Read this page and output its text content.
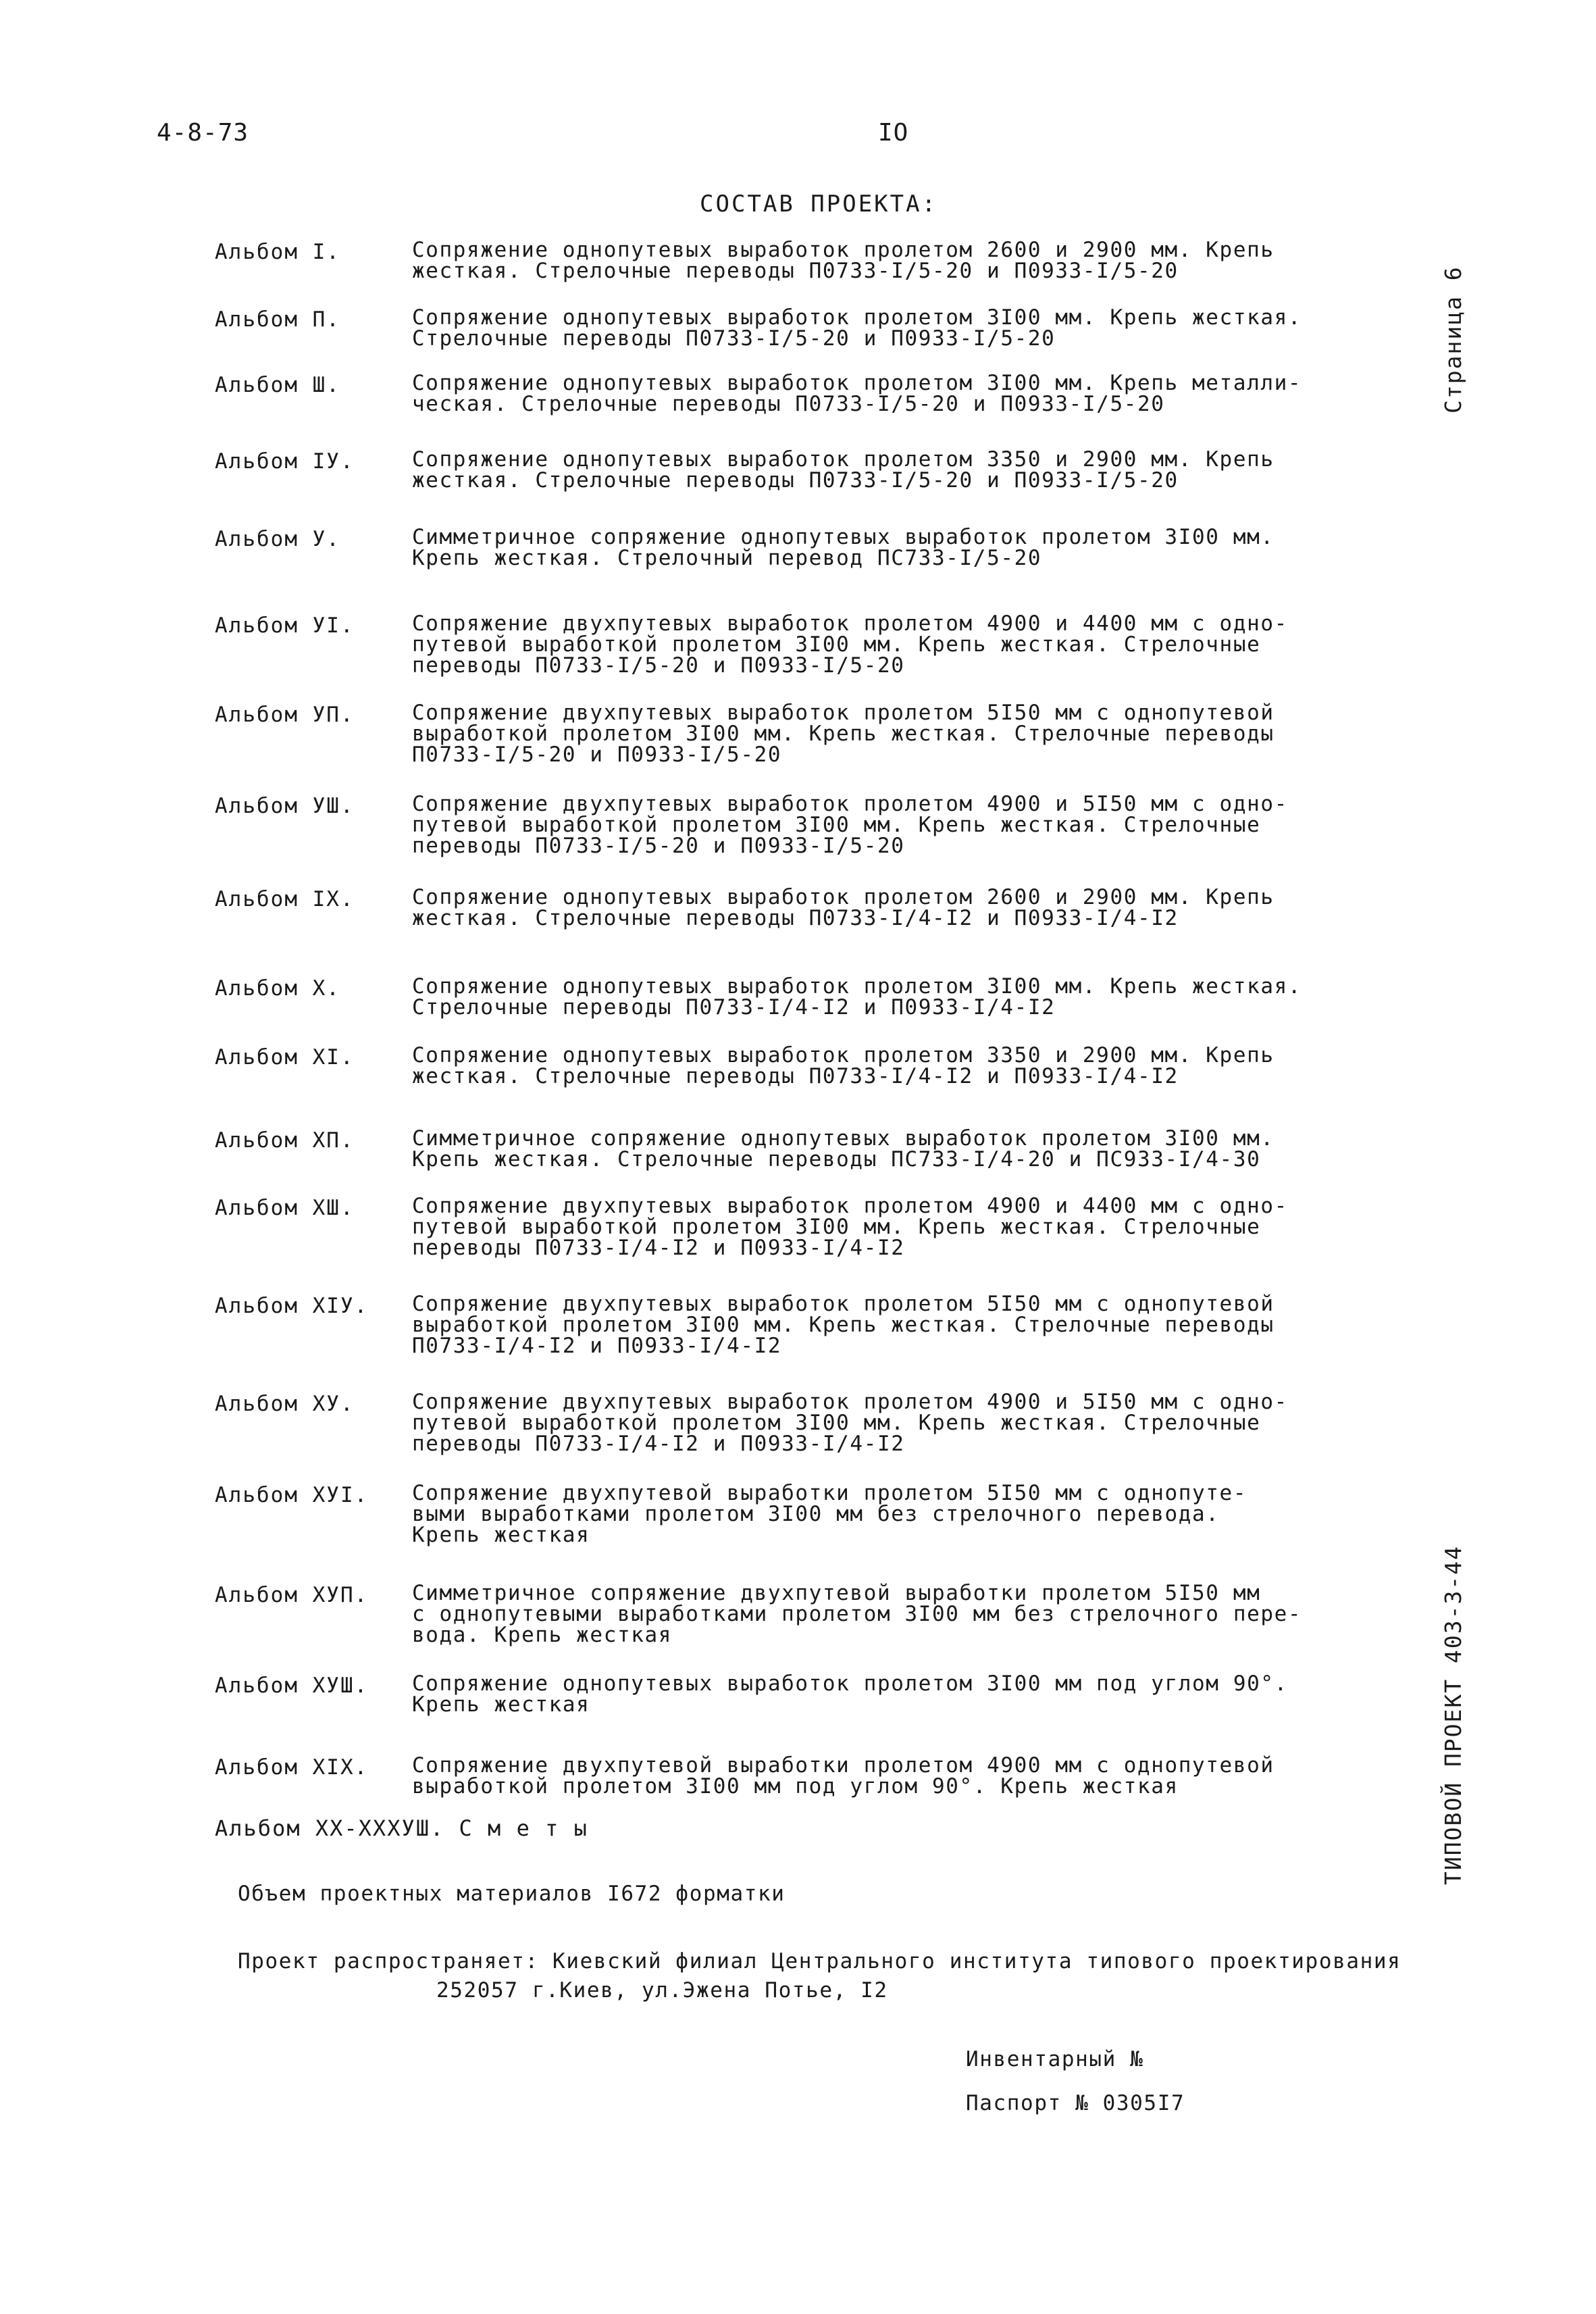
4-8-73	IO
СОСТАВ ПРОЕКТА:
Страница 6
ТИПОВОЙ ПРОЕКТ 403-3-44
Альбом I.	Сопряжение однопутевых выработок пролетом 2600 и 2900 мм. Крепь
жесткая. Стрелочные переводы П0733-I/5-20 и П0933-I/5-20
Альбом П.	Сопряжение однопутевых выработок пролетом 3I00 мм. Крепь жесткая.
Стрелочные переводы П0733-I/5-20 и П0933-I/5-20
Альбом Ш.	Сопряжение однопутевых выработок пролетом 3I00 мм. Крепь металли-
ческая. Стрелочные переводы П0733-I/5-20 и П0933-I/5-20
Альбом IУ.	Сопряжение однопутевых выработок пролетом 3350 и 2900 мм. Крепь
жесткая. Стрелочные переводы П0733-I/5-20 и П0933-I/5-20
Альбом У.	Симметричное сопряжение однопутевых выработок пролетом 3I00 мм.
Крепь жесткая. Стрелочный перевод ПС733-I/5-20
Альбом УI.	Сопряжение двухпутевых выработок пролетом 4900 и 4400 мм с одно-
путевой выработкой пролетом 3I00 мм. Крепь жесткая. Стрелочные
переводы П0733-I/5-20 и П0933-I/5-20
Альбом УП.	Сопряжение двухпутевых выработок пролетом 5I50 мм с однопутевой
выработкой пролетом 3I00 мм. Крепь жесткая. Стрелочные переводы
П0733-I/5-20 и П0933-I/5-20
Альбом УШ.	Сопряжение двухпутевых выработок пролетом 4900 и 5I50 мм с одно-
путевой выработкой пролетом 3I00 мм. Крепь жесткая. Стрелочные
переводы П0733-I/5-20 и П0933-I/5-20
Альбом IX.	Сопряжение однопутевых выработок пролетом 2600 и 2900 мм. Крепь
жесткая. Стрелочные переводы П0733-I/4-I2 и П0933-I/4-I2
Альбом X.	Сопряжение однопутевых выработок пролетом 3I00 мм. Крепь жесткая.
Стрелочные переводы П0733-I/4-I2 и П0933-I/4-I2
Альбом XI.	Сопряжение однопутевых выработок пролетом 3350 и 2900 мм. Крепь
жесткая. Стрелочные переводы П0733-I/4-I2 и П0933-I/4-I2
Альбом XП.	Симметричное сопряжение однопутевых выработок пролетом 3I00 мм.
Крепь жесткая. Стрелочные переводы ПС733-I/4-20 и ПС933-I/4-30
Альбом XШ.	Сопряжение двухпутевых выработок пролетом 4900 и 4400 мм с одно-
путевой выработкой пролетом 3I00 мм. Крепь жесткая. Стрелочные
переводы П0733-I/4-I2 и П0933-I/4-I2
Альбом XIУ. Сопряжение двухпутевых выработок пролетом 5I50 мм с однопутевой
выработкой пролетом 3I00 мм. Крепь жесткая. Стрелочные переводы
П0733-I/4-I2 и П0933-I/4-I2
Альбом XУ.	Сопряжение двухпутевых выработок пролетом 4900 и 5I50 мм с одно-
путевой выработкой пролетом 3I00 мм. Крепь жесткая. Стрелочные
переводы П0733-I/4-I2 и П0933-I/4-I2
Альбом XУI. Сопряжение двухпутевой выработки пролетом 5I50 мм с однопуте-
выми выработками пролетом 3I00 мм без стрелочного перевода.
Крепь жесткая
Альбом XУП. Симметричное сопряжение двухпутевой выработки пролетом 5I50 мм
с однопутевыми выработками пролетом 3I00 мм без стрелочного пере-
вода. Крепь жесткая
Альбом XУШ. Сопряжение однопутевых выработок пролетом 3I00 мм под углом 90°.
Крепь жесткая
Альбом XIX. Сопряжение двухпутевой выработки пролетом 4900 мм с однопутевой
выработкой пролетом 3I00 мм под углом 90°. Крепь жесткая
Альбом XX-XXXУШ. С м е т ы
Объем проектных материалов I672 форматки
Проект распространяет: Киевский филиал Центрального института типового проектирования
252057 г.Киев, ул.Эжена Потье, I2
Инвентарный №
Паспорт № 0305I7
